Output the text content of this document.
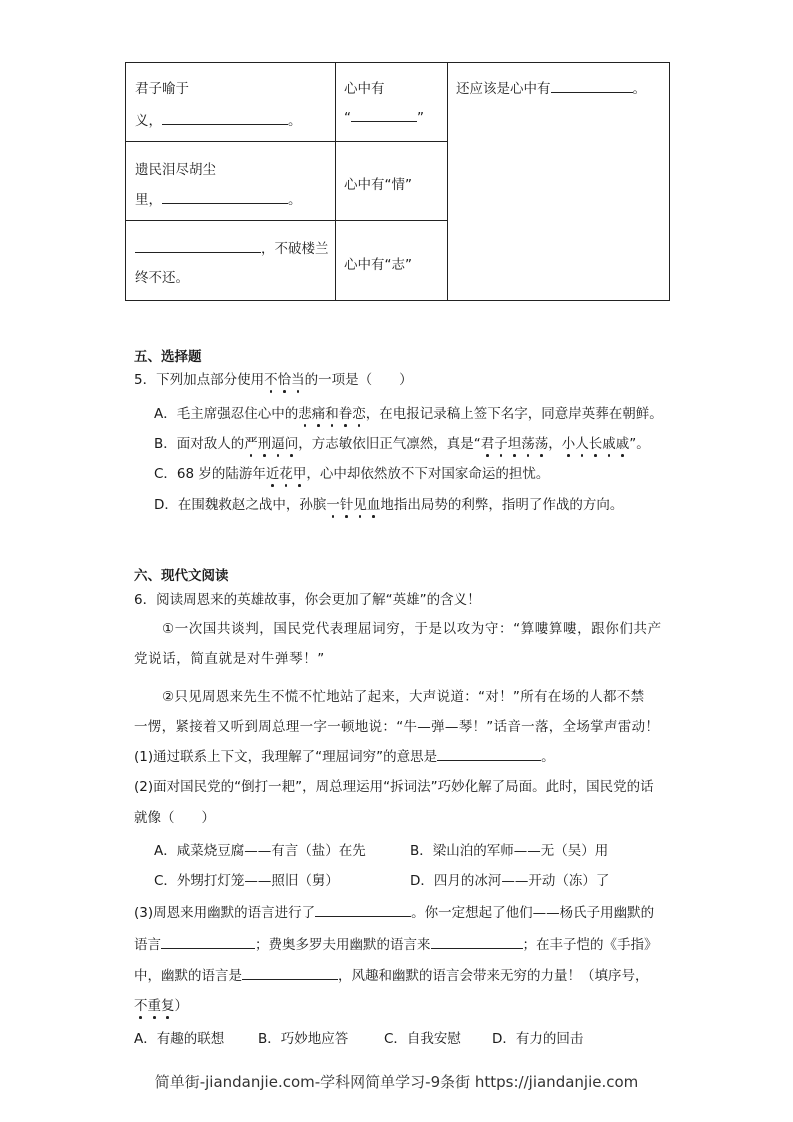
君子喻于
义， 。	心中有
“ ”	还应该是心中有 。

遗民泪尽胡尘
里， 。	心中有“情”	

，不破楼兰
终不还。	心中有“志”	
五、选择题
5．下列加点部分使用不恰当的一项是（　　）
A．毛主席强忍住心中的悲痛和眷恋，在电报记录稿上签下名字，同意岸英葬在朝鲜。
B．面对敌人的严刑逼问，方志敏依旧正气凛然，真是“君子坦荡荡，小人长戚戚”。
C．68 岁的陆游年近花甲，心中却依然放不下对国家命运的担忧。
D．在围魏救赵之战中，孙膑一针见血地指出局势的利弊，指明了作战的方向。
六、现代文阅读
6．阅读周恩来的英雄故事，你会更加了解“英雄”的含义！
①一次国共谈判，国民党代表理屈词穷，于是以攻为守：“算嘍算嘍，跟你们共产
党说话，简直就是对牛弹琴！”
②只见周恩来先生不慌不忙地站了起来，大声说道：“对！”所有在场的人都不禁
一愣，紧接着又听到周总理一字一顿地说：“牛—弹—琴！”话音一落，全场掌声雷动！
(1)通过联系上下文，我理解了“理屈词穷”的意思是	。
(2)面对国民党的“倒打一耙”，周总理运用“拆词法”巧妙化解了局面。此时，国民党的话
就像（　　）
A．咸菜烧豆腐——有言（盐）在先	B．梁山泊的军师——无（吴）用
C．外甥打灯笼——照旧（舅）	D．四月的冰河——开动（冻）了
(3)周恩来用幽默的语言进行了	。你一定想起了他们——杨氏子用幽默的
语言	；费奥多罗夫用幽默的语言来	；在丰子恺的《手指》
中，幽默的语言是	，风趣和幽默的语言会带来无穷的力量！（填序号，
不重复）
A．有趣的联想	B．巧妙地应答	C．自我安慰 D．有力的回击
简单街-jiandanjie.com-学科网简单学习-9条街 https://jiandanjie.com
